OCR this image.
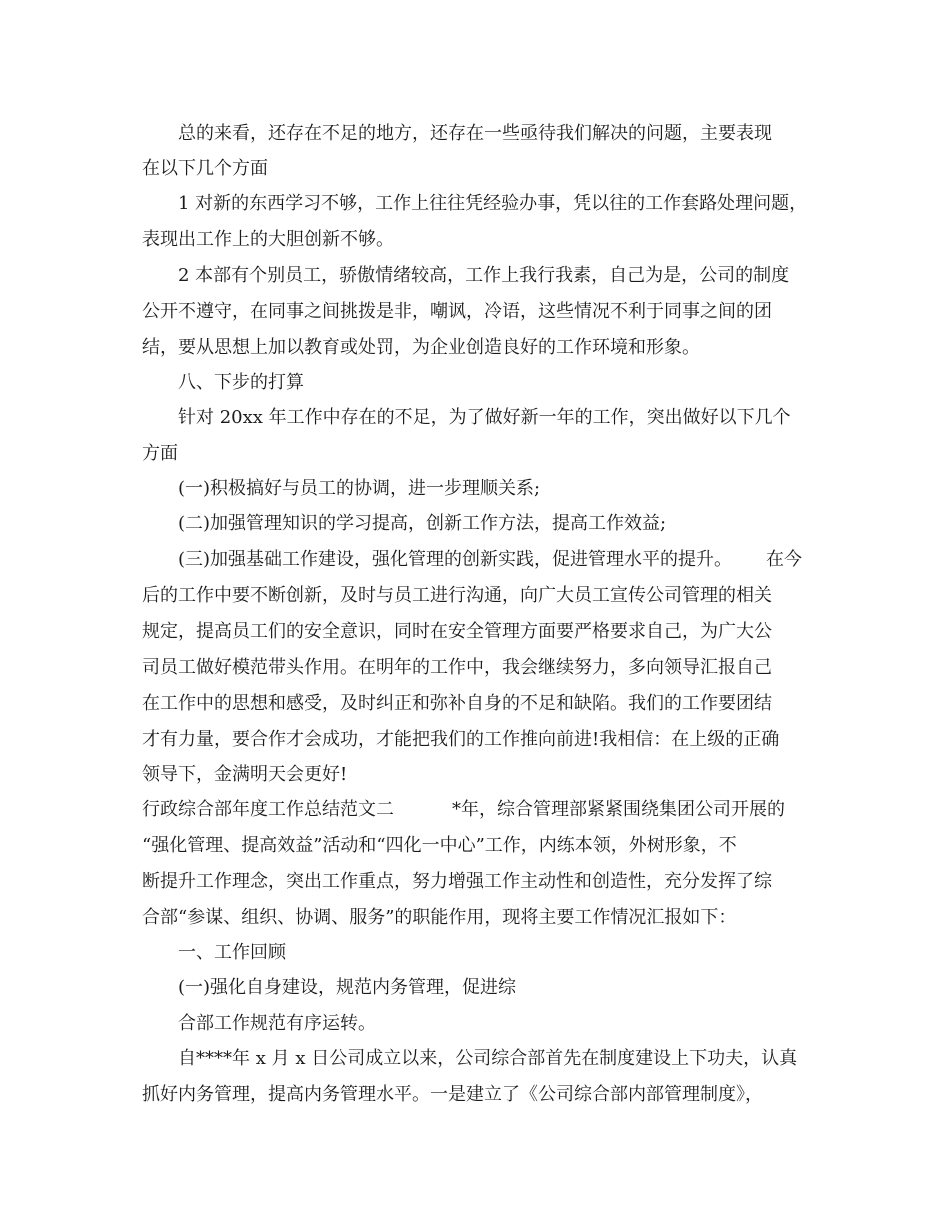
总的来看，还存在不足的地方，还存在一些亟待我们解决的问题，主要表现
在以下几个方面
1 对新的东西学习不够，工作上往往凭经验办事，凭以往的工作套路处理问题，
表现出工作上的大胆创新不够。
2 本部有个别员工，骄傲情绪较高，工作上我行我素，自己为是，公司的制度
公开不遵守，在同事之间挑拨是非，嘲讽，冷语，这些情况不利于同事之间的团
结，要从思想上加以教育或处罚，为企业创造良好的工作环境和形象。
八、下步的打算
针对 20xx 年工作中存在的不足，为了做好新一年的工作，突出做好以下几个
方面
(一)积极搞好与员工的协调，进一步理顺关系;
(二)加强管理知识的学习提高，创新工作方法，提高工作效益;
(三)加强基础工作建设，强化管理的创新实践，促进管理水平的提升。 在今
后的工作中要不断创新，及时与员工进行沟通，向广大员工宣传公司管理的相关
规定，提高员工们的安全意识，同时在安全管理方面要严格要求自己，为广大公
司员工做好模范带头作用。在明年的工作中，我会继续努力，多向领导汇报自己
在工作中的思想和感受，及时纠正和弥补自身的不足和缺陷。我们的工作要团结
才有力量，要合作才会成功，才能把我们的工作推向前进!我相信：在上级的正确
领导下，金满明天会更好!
行政综合部年度工作总结范文二	*年，综合管理部紧紧围绕集团公司开展的
“强化管理、提高效益”活动和“四化一中心”工作，内练本领，外树形象，不
断提升工作理念，突出工作重点，努力增强工作主动性和创造性，充分发挥了综
合部“参谋、组织、协调、服务”的职能作用，现将主要工作情况汇报如下：
一、工作回顾
(一)强化自身建设，规范内务管理，促进综
合部工作规范有序运转。
自****年 x 月 x 日公司成立以来，公司综合部首先在制度建设上下功夫，认真
抓好内务管理，提高内务管理水平。一是建立了《公司综合部内部管理制度》，
